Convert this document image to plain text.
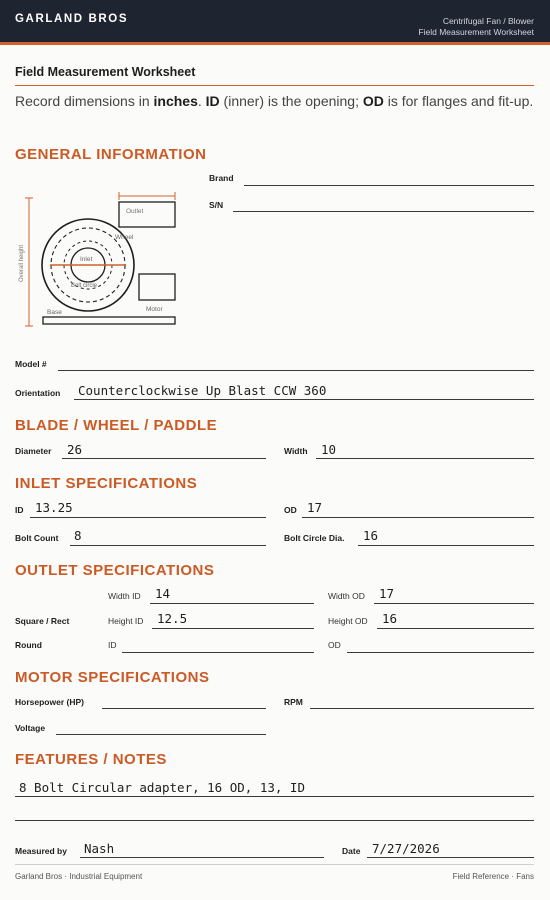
GARLAND BROS	Centrifugal Fan / Blower
Field Measurement Worksheet
Field Measurement Worksheet
Record dimensions in inches. ID (inner) is the opening; OD is for flanges and fit-up.
GENERAL INFORMATION
Overall height
Outlet
Wheel
Inlet
Bolt circle
Motor
Base
Brand
S/N
Model #
Orientation Counterclockwise Up Blast CCW 360
BLADE / WHEEL / PADDLE
Diameter 26	Width 10
INLET SPECIFICATIONS
ID 13.25	OD 17
Bolt Count 8	Bolt Circle Dia. 16
OUTLET SPECIFICATIONS
Width ID 14	Width OD 17
Square / Rect	Height ID 12.5	Height OD 16
Round	ID	OD
MOTOR SPECIFICATIONS
Horsepower (HP)	RPM
Voltage
FEATURES / NOTES
8 Bolt Circular adapter, 16 OD, 13, ID
Measured by Nash	Date 7/27/2026
Garland Bros · Industrial Equipment	Field Reference · Fans
